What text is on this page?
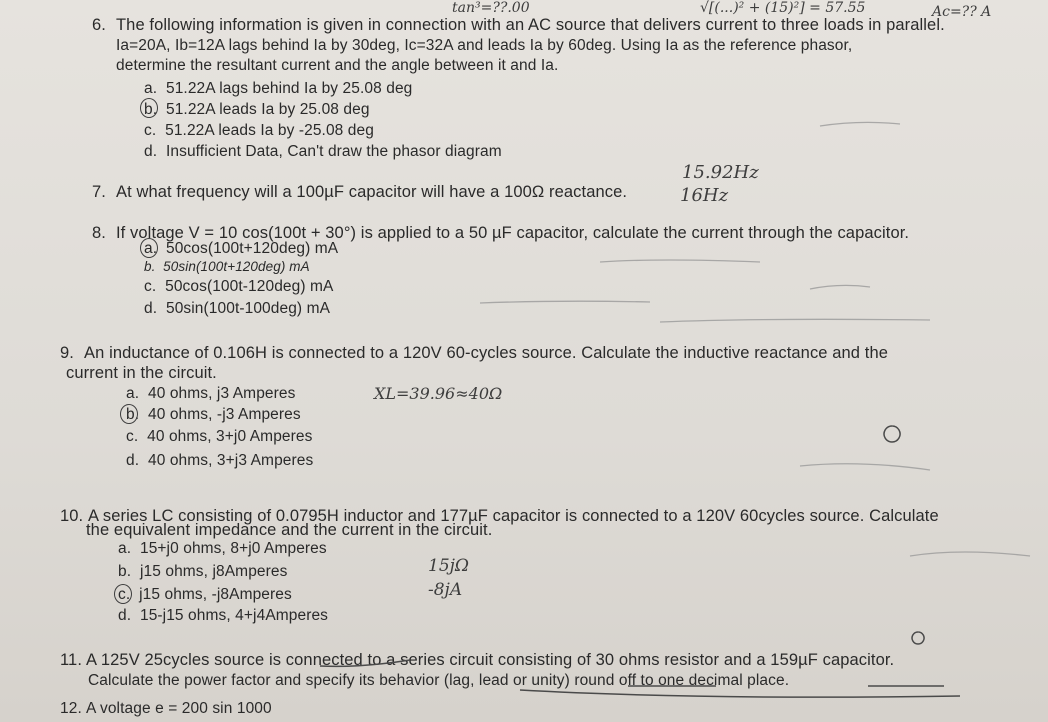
tan³=??.00	√[(...)² + (15)²] = 57.55	Ac=?? A
6. The following information is given in connection with an AC source that delivers current to three loads in parallel.
Ia=20A, Ib=12A lags behind Ia by 30deg, Ic=32A and leads Ia by 60deg. Using Ia as the reference phasor,
determine the resultant current and the angle between it and Ia.
a. 51.22A lags behind Ia by 25.08 deg
b. 51.22A leads Ia by 25.08 deg
c. 51.22A leads Ia by -25.08 deg
d. Insufficient Data, Can't draw the phasor diagram
7. At what frequency will a 100µF capacitor will have a 100Ω reactance.
15.92Hz
16Hz
8. If voltage V = 10 cos(100t + 30°) is applied to a 50 µF capacitor, calculate the current through the capacitor.
a. 50cos(100t+120deg) mA
b. 50sin(100t+120deg) mA
c. 50cos(100t-120deg) mA
d. 50sin(100t-100deg) mA
9. An inductance of 0.106H is connected to a 120V 60-cycles source. Calculate the inductive reactance and the
current in the circuit.
a. 40 ohms, j3 Amperes
b. 40 ohms, -j3 Amperes
c. 40 ohms, 3+j0 Amperes
d. 40 ohms, 3+j3 Amperes
XL=39.96≈40Ω
10. A series LC consisting of 0.0795H inductor and 177µF capacitor is connected to a 120V 60cycles source. Calculate
the equivalent impedance and the current in the circuit.
a. 15+j0 ohms, 8+j0 Amperes
b. j15 ohms, j8Amperes
c. j15 ohms, -j8Amperes
d. 15-j15 ohms, 4+j4Amperes
15jΩ
-8jA
11. A 125V 25cycles source is connected to a series circuit consisting of 30 ohms resistor and a 159µF capacitor.
Calculate the power factor and specify its behavior (lag, lead or unity) round off to one decimal place.
12. A voltage e = 200 sin 1000
